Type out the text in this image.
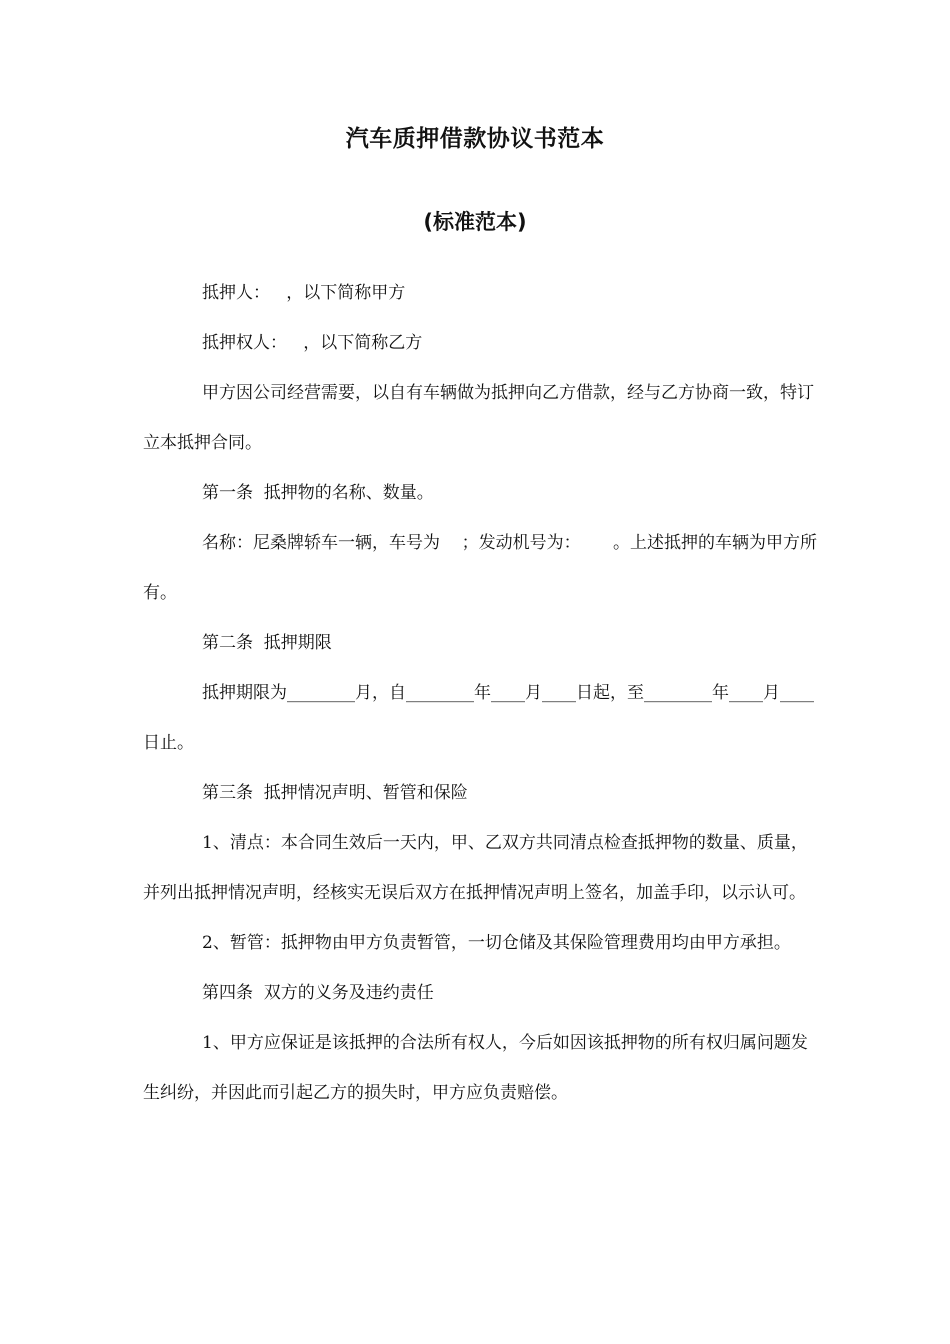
汽车质押借款协议书范本
(标准范本)

抵押人：   ，以下简称甲方

抵押权人：   ，以下简称乙方

甲方因公司经营需要，以自有车辆做为抵押向乙方借款，经与乙方协商一致，特订立本抵押合同。

第一条  抵押物的名称、数量。

名称：尼桑牌轿车一辆，车号为    ；发动机号为：      。上述抵押的车辆为甲方所有。

第二条  抵押期限

抵押期限为________月，自________年____月____日起，至________年____月____日止。

第三条  抵押情况声明、暂管和保险

1、清点：本合同生效后一天内，甲、乙双方共同清点检查抵押物的数量、质量，并列出抵押情况声明，经核实无误后双方在抵押情况声明上签名，加盖手印，以示认可。

2、暂管：抵押物由甲方负责暂管，一切仓储及其保险管理费用均由甲方承担。

第四条  双方的义务及违约责任

1、甲方应保证是该抵押的合法所有权人，今后如因该抵押物的所有权归属问题发生纠纷，并因此而引起乙方的损失时，甲方应负责赔偿。
